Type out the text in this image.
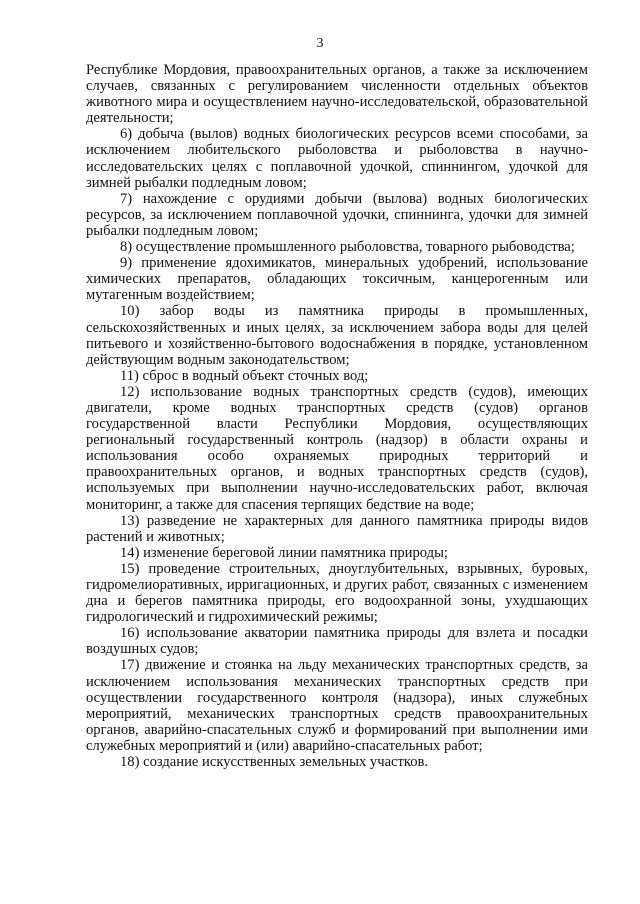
3

Республике Мордовия, правоохранительных органов, а также за исключением случаев, связанных с регулированием численности отдельных объектов животного мира и осуществлением научно-исследовательской, образовательной деятельности;

6) добыча (вылов) водных биологических ресурсов всеми способами, за исключением любительского рыболовства и рыболовства в научно-исследовательских целях с поплавочной удочкой, спиннингом, удочкой для зимней рыбалки подледным ловом;

7) нахождение с орудиями добычи (вылова) водных биологических ресурсов, за исключением поплавочной удочки, спиннинга, удочки для зимней рыбалки подледным ловом;

8) осуществление промышленного рыболовства, товарного рыбоводства;

9) применение ядохимикатов, минеральных удобрений, использование химических препаратов, обладающих токсичным, канцерогенным или мутагенным воздействием;

10) забор воды из памятника природы в промышленных, сельскохозяйственных и иных целях, за исключением забора воды для целей питьевого и хозяйственно-бытового водоснабжения в порядке, установленном действующим водным законодательством;

11) сброс в водный объект сточных вод;

12) использование водных транспортных средств (судов), имеющих двигатели, кроме водных транспортных средств (судов) органов государственной власти Республики Мордовия, осуществляющих региональный государственный контроль (надзор) в области охраны и использования особо охраняемых природных территорий и правоохранительных органов, и водных транспортных средств (судов), используемых при выполнении научно-исследовательских работ, включая мониторинг, а также для спасения терпящих бедствие на воде;

13) разведение не характерных для данного памятника природы видов растений и животных;

14) изменение береговой линии памятника природы;

15) проведение строительных, дноуглубительных, взрывных, буровых, гидромелиоративных, ирригационных, и других работ, связанных с изменением дна и берегов памятника природы, его водоохранной зоны, ухудшающих гидрологический и гидрохимический режимы;

16) использование акватории памятника природы для взлета и посадки воздушных судов;

17) движение и стоянка на льду механических транспортных средств, за исключением использования механических транспортных средств при осуществлении государственного контроля (надзора), иных служебных мероприятий, механических транспортных средств правоохранительных органов, аварийно-спасательных служб и формирований при выполнении ими служебных мероприятий и (или) аварийно-спасательных работ;

18) создание искусственных земельных участков.
